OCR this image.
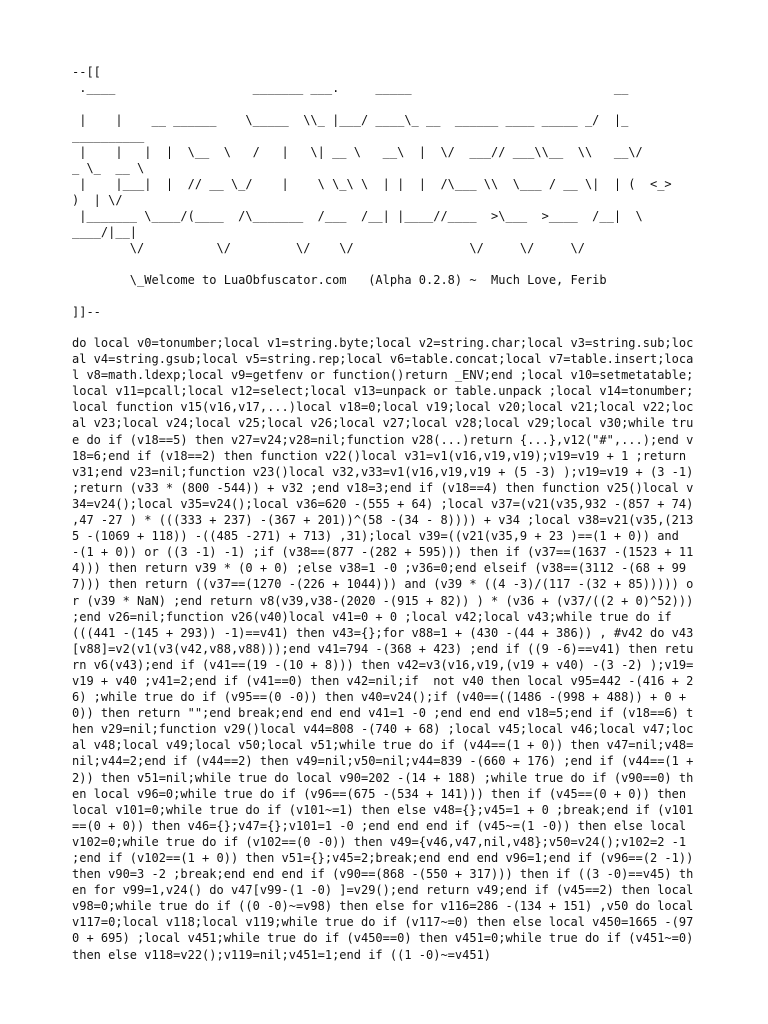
--[[
.____                   _______ ___.     _____                            __

|    |    __ ______    \_____  \\_ |___/ ____\_ __  ______ ____ _____ _/  |_
__________
|    |   |  |  \__  \   /   |   \| __ \   __\  |  \/  ___// ___\\__  \\   __\/
_ \_  __ \
|    |___|  |  // __ \_/    |    \ \_\ \  | |  |  /\___ \\  \___ / __ \|  | (  <_>
)  | \/
|_______ \____/(____  /\_______  /___  /__| |____//____  >\___  >____  /__|  \
____/|__|
\/          \/         \/    \/                \/     \/     \/

\_Welcome to LuaObfuscator.com   (Alpha 0.2.8) ~  Much Love, Ferib

]]--
do local v0=tonumber;local v1=string.byte;local v2=string.char;local v3=string.sub;local v4=string.gsub;local v5=string.rep;local v6=table.concat;local v7=table.insert;local v8=math.ldexp;local v9=getfenv or function()return _ENV;end ;local v10=setmetatable;local v11=pcall;local v12=select;local v13=unpack or table.unpack ;local v14=tonumber;local function v15(v16,v17,...)local v18=0;local v19;local v20;local v21;local v22;local v23;local v24;local v25;local v26;local v27;local v28;local v29;local v30;while true do if (v18==5) then v27=v24;v28=nil;function v28(...)return {...},v12("#",...);end v18=6;end if (v18==2) then function v22()local v31=v1(v16,v19,v19);v19=v19 + 1 ;return v31;end v23=nil;function v23()local v32,v33=v1(v16,v19,v19 + (5 -3) );v19=v19 + (3 -1) ;return (v33 * (800 -544)) + v32 ;end v18=3;end if (v18==4) then function v25()local v34=v24();local v35=v24();local v36=620 -(555 + 64) ;local v37=(v21(v35,932 -(857 + 74) ,47 -27 ) * (((333 + 237) -(367 + 201))^(58 -(34 - 8)))) + v34 ;local v38=v21(v35,(2135 -(1069 + 118)) -((485 -271) + 713) ,31);local v39=((v21(v35,9 + 23 )==(1 + 0)) and  -(1 + 0)) or ((3 -1) -1) ;if (v38==(877 -(282 + 595))) then if (v37==(1637 -(1523 + 114))) then return v39 * (0 + 0) ;else v38=1 -0 ;v36=0;end elseif (v38==(3112 -(68 + 997))) then return ((v37==(1270 -(226 + 1044))) and (v39 * ((4 -3)/(117 -(32 + 85))))) or (v39 * NaN) ;end return v8(v39,v38-(2020 -(915 + 82)) ) * (v36 + (v37/((2 + 0)^52))) ;end v26=nil;function v26(v40)local v41=0 + 0 ;local v42;local v43;while true do if (((441 -(145 + 293)) -1)==v41) then v43={};for v88=1 + (430 -(44 + 386)) , #v42 do v43[v88]=v2(v1(v3(v42,v88,v88)));end v41=794 -(368 + 423) ;end if ((9 -6)==v41) then return v6(v43);end if (v41==(19 -(10 + 8))) then v42=v3(v16,v19,(v19 + v40) -(3 -2) );v19=v19 + v40 ;v41=2;end if (v41==0) then v42=nil;if  not v40 then local v95=442 -(416 + 26) ;while true do if (v95==(0 -0)) then v40=v24();if (v40==((1486 -(998 + 488)) + 0 + 0)) then return "";end break;end end end v41=1 -0 ;end end end v18=5;end if (v18==6) then v29=nil;function v29()local v44=808 -(740 + 68) ;local v45;local v46;local v47;local v48;local v49;local v50;local v51;while true do if (v44==(1 + 0)) then v47=nil;v48=nil;v44=2;end if (v44==2) then v49=nil;v50=nil;v44=839 -(660 + 176) ;end if (v44==(1 + 2)) then v51=nil;while true do local v90=202 -(14 + 188) ;while true do if (v90==0) then local v96=0;while true do if (v96==(675 -(534 + 141))) then if (v45==(0 + 0)) then local v101=0;while true do if (v101~=1) then else v48={};v45=1 + 0 ;break;end if (v101==(0 + 0)) then v46={};v47={};v101=1 -0 ;end end end if (v45~=(1 -0)) then else local v102=0;while true do if (v102==(0 -0)) then v49={v46,v47,nil,v48};v50=v24();v102=2 -1 ;end if (v102==(1 + 0)) then v51={};v45=2;break;end end end v96=1;end if (v96==(2 -1)) then v90=3 -2 ;break;end end end if (v90==(868 -(550 + 317))) then if ((3 -0)==v45) then for v99=1,v24() do v47[v99-(1 -0) ]=v29();end return v49;end if (v45==2) then local v98=0;while true do if ((0 -0)~=v98) then else for v116=286 -(134 + 151) ,v50 do local v117=0;local v118;local v119;while true do if (v117~=0) then else local v450=1665 -(970 + 695) ;local v451;while true do if (v450==0) then v451=0;while true do if (v451~=0) then else v118=v22();v119=nil;v451=1;end if ((1 -0)~=v451)
